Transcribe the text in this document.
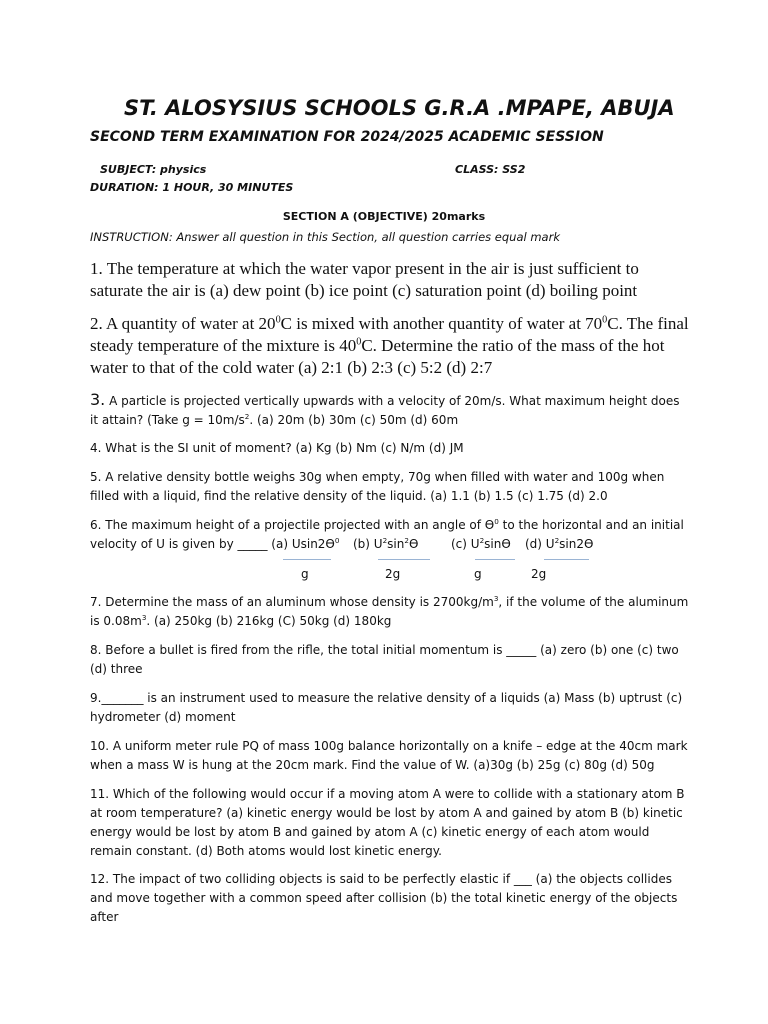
ST. ALOSYSIUS SCHOOLS G.R.A .MPAPE, ABUJA
SECOND TERM EXAMINATION FOR 2024/2025 ACADEMIC SESSION
SUBJECT: physics	CLASS: SS2
DURATION: 1 HOUR, 30 MINUTES
SECTION A (OBJECTIVE) 20marks
INSTRUCTION: Answer all question in this Section, all question carries equal mark
1. The temperature at which the water vapor present in the air is just sufficient to saturate the air is (a) dew point (b) ice point (c) saturation point (d) boiling point
2. A quantity of water at $20^0C$ is mixed with another quantity of water at $70^0C$. The final steady temperature of the mixture is $40^0C$. Determine the ratio of the mass of the hot water to that of the cold water (a) 2:1 (b) 2:3 (c) 5:2 (d) 2:7
3. A particle is projected vertically upwards with a velocity of 20m/s. What maximum height does it attain? (Take $g = 10m/s^2$. (a) 20m (b) 30m (c) 50m (d) 60m
4. What is the SI unit of moment? (a) Kg (b) Nm (c) N/m (d) JM
5. A relative density bottle weighs 30g when empty, 70g when filled with water and 100g when filled with a liquid, find the relative density of the liquid. (a) 1.1 (b) 1.5 (c) 1.75 (d) 2.0
6. The maximum height of a projectile projected with an angle of $ϴ^0$ to the horizontal and an initial velocity of U is given by _____ (a) $Usin2ϴ^0$	(b) $U^2\sin^2ϴ$	(c) $U^2\sin ϴ$ (d) $U^2\sin 2ϴ$
g	2g	g	2g
7. Determine the mass of an aluminum whose density is $2700kg/m^3$, if the volume of the aluminum is $0.08m^3$. (a) 250kg (b) 216kg (C) 50kg (d) 180kg
8. Before a bullet is fired from the rifle, the total initial momentum is _____ (a) zero (b) one (c) two (d) three
9._______ is an instrument used to measure the relative density of a liquids (a) Mass (b) uptrust (c) hydrometer (d) moment
10. A uniform meter rule PQ of mass 100g balance horizontally on a knife – edge at the 40cm mark when a mass W is hung at the 20cm mark. Find the value of W. (a)30g (b) 25g (c) 80g (d) 50g
11. Which of the following would occur if a moving atom A were to collide with a stationary atom B at room temperature? (a) kinetic energy would be lost by atom A and gained by atom B (b) kinetic energy would be lost by atom B and gained by atom A (c) kinetic energy of each atom would remain constant. (d) Both atoms would lost kinetic energy.
12. The impact of two colliding objects is said to be perfectly elastic if ___ (a) the objects collides and move together with a common speed after collision (b) the total kinetic energy of the objects after
